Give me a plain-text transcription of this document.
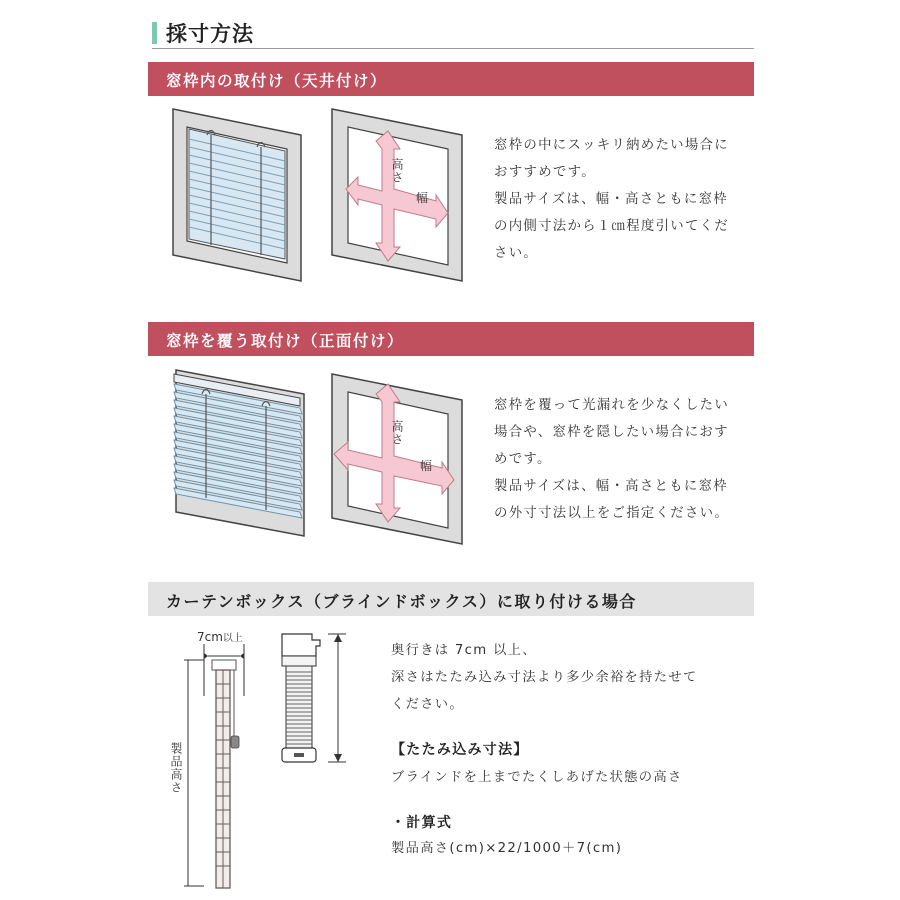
採寸方法
窓枠内の取付け（天井付け）
高さ
幅
窓枠の中にスッキリ納めたい場合に
おすすめです。
製品サイズは、幅・高さともに窓枠
の内側寸法から１㎝程度引いてくだ
さい。
窓枠を覆う取付け（正面付け）
高さ
幅
窓枠を覆って光漏れを少なくしたい
場合や、窓枠を隠したい場合におす
めです。
製品サイズは、幅・高さともに窓枠
の外寸寸法以上をご指定ください。
カーテンボックス（ブラインドボックス）に取り付ける場合
7cm以上
製品高さ
奥行きは 7cm 以上、
深さはたたみ込み寸法より多少余裕を持たせて
ください。
【たたみ込み寸法】
ブラインドを上までたくしあげた状態の高さ
・計算式
製品高さ(cm)×22/1000＋7(cm)
